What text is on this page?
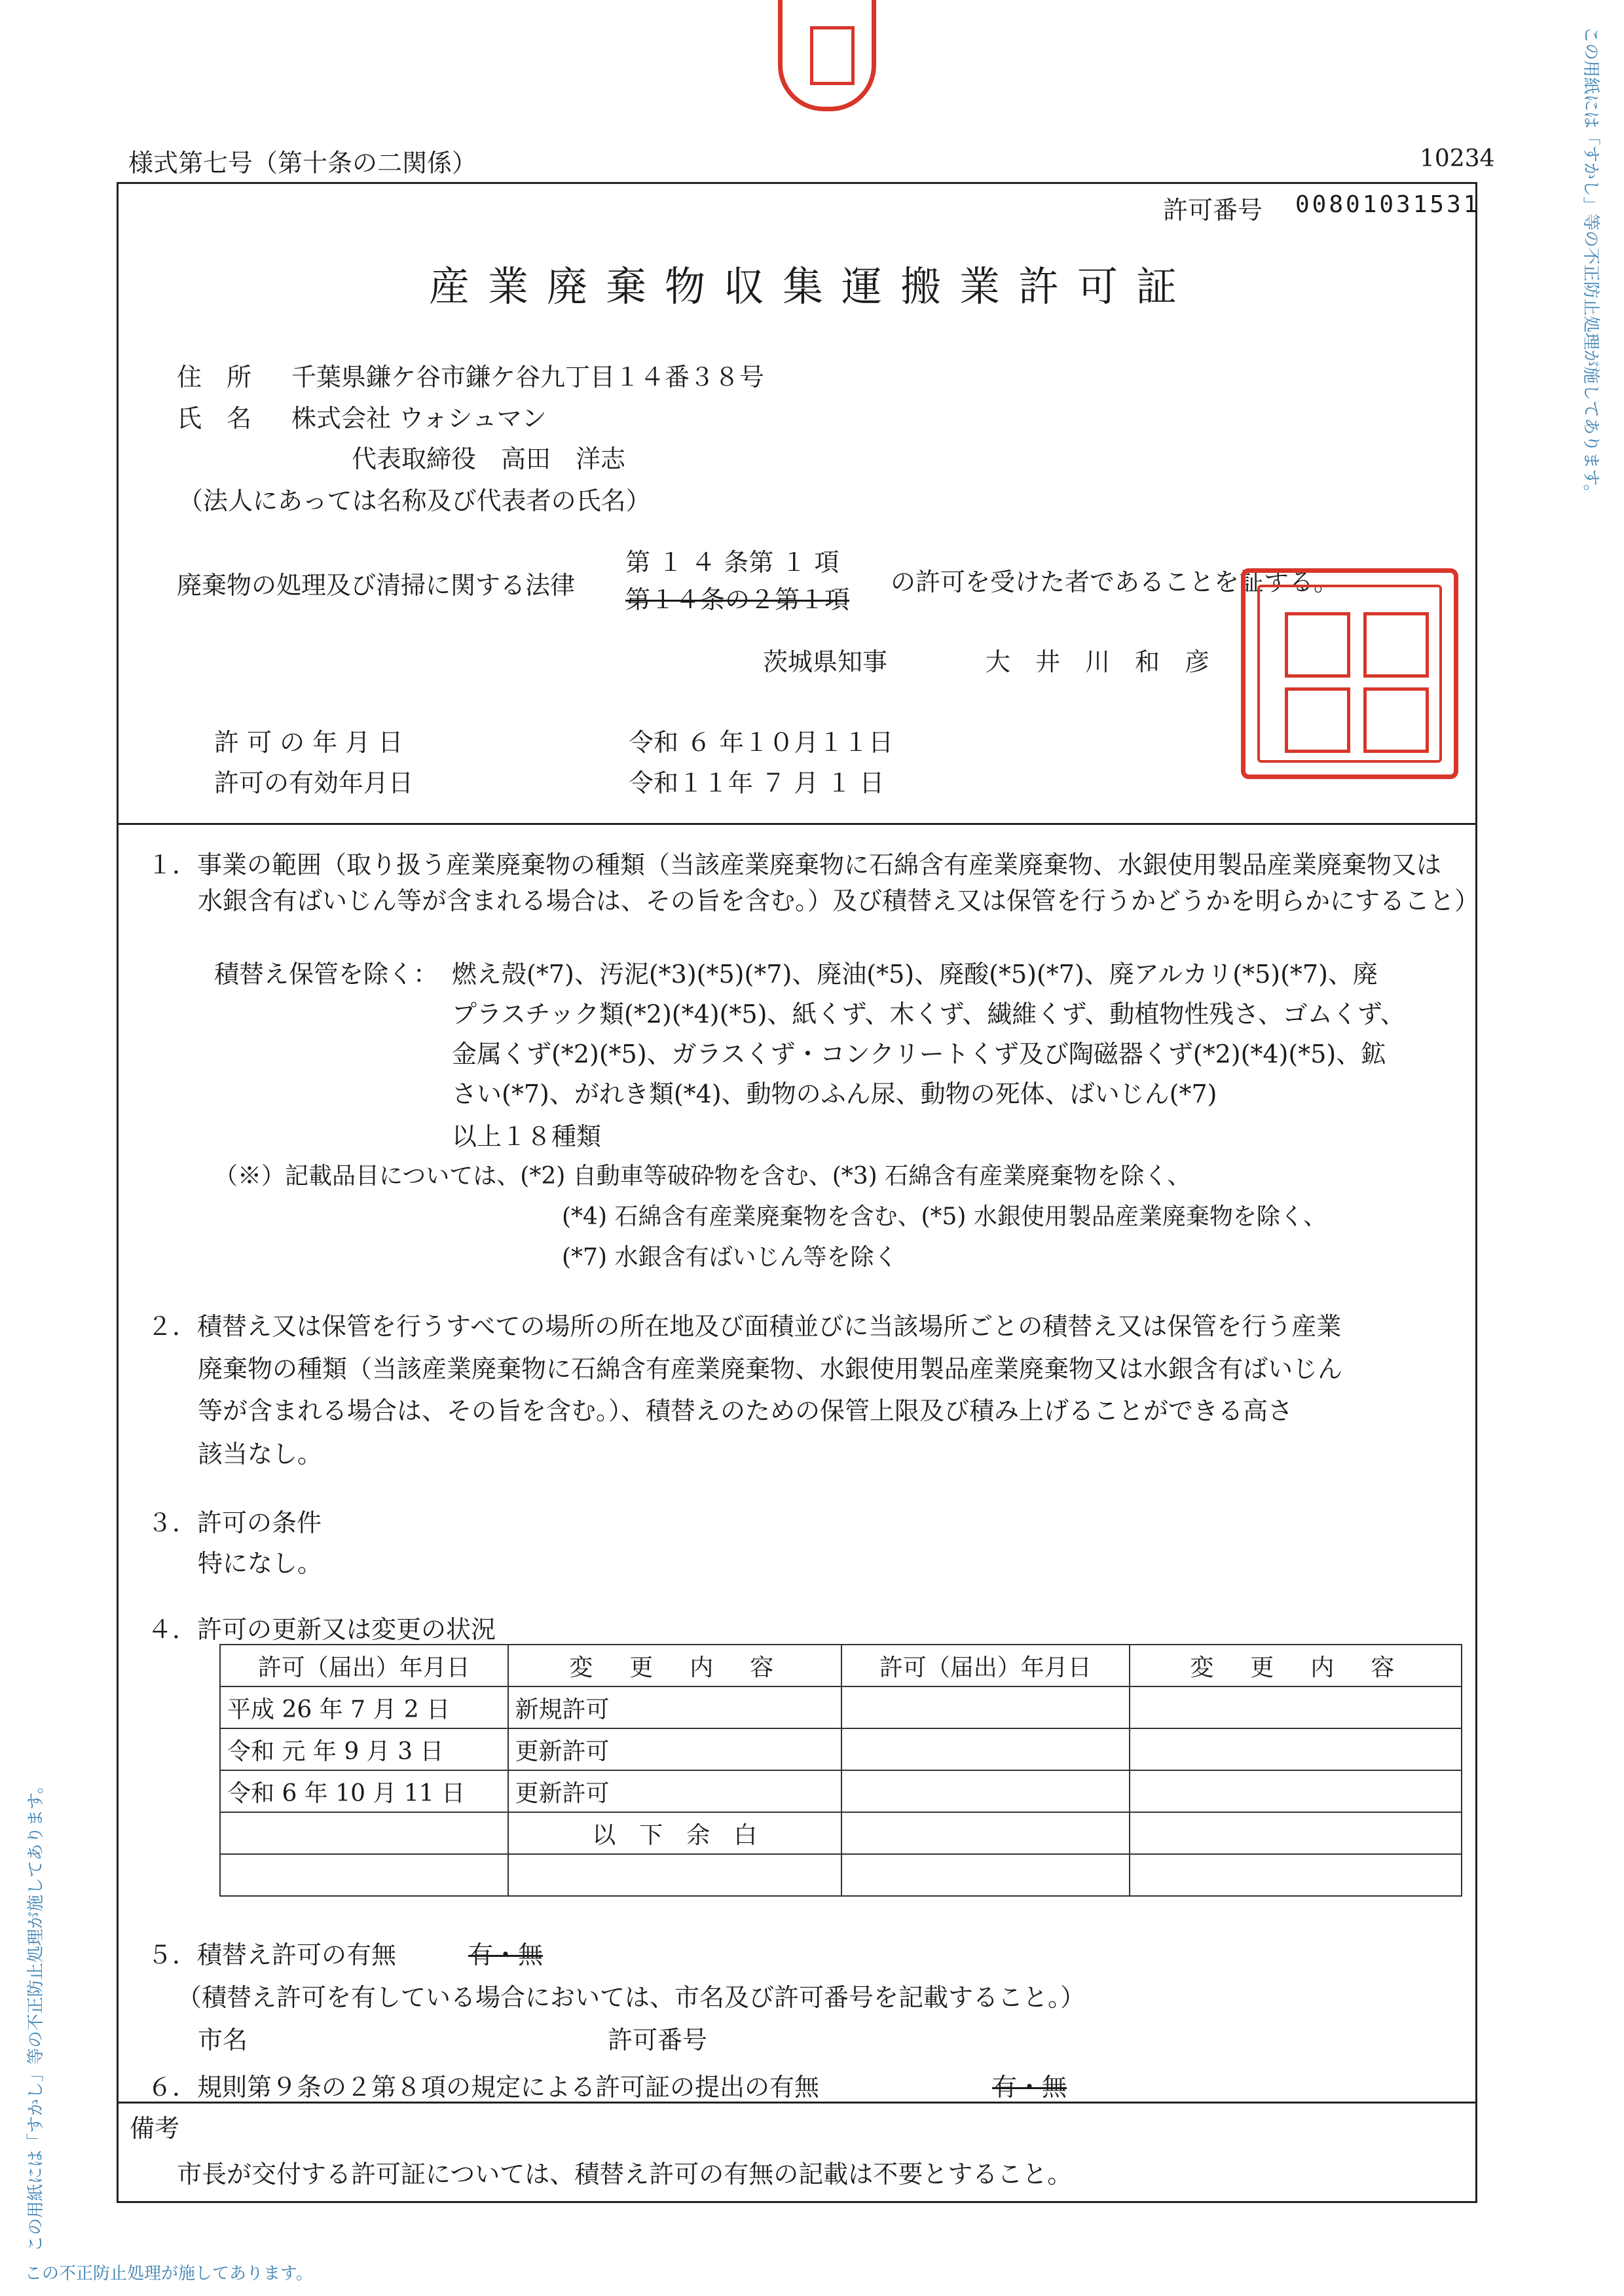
この用紙には「すかし」等の不正防止処理が施してあります。
この用紙には「すかし」等の不正防止処理が施してあります。
この不正防止処理が施してあります。
様式第七号（第十条の二関係）	10234
許可番号 00801031531
産業廃棄物収集運搬業許可証
住　所 千葉県鎌ケ谷市鎌ケ谷九丁目１４番３８号
氏　名 株式会社 ウォシュマン
代表取締役　高田　洋志
（法人にあっては名称及び代表者の氏名）
廃棄物の処理及び清掃に関する法律
第 １ ４ 条第 １ 項
第１４条の２第１項
の許可を受けた者であることを証する。
茨城県知事	大　井　川　和　彦
許 可 の 年 月 日	令和 ６ 年１０月１１日
許可の有効年月日	令和１１年 ７ 月 １ 日
１．事業の範囲（取り扱う産業廃棄物の種類（当該産業廃棄物に石綿含有産業廃棄物、水銀使用製品産業廃棄物又は
水銀含有ばいじん等が含まれる場合は、その旨を含む。）及び積替え又は保管を行うかどうかを明らかにすること）
積替え保管を除く： 燃え殻(*7)、汚泥(*3)(*5)(*7)、廃油(*5)、廃酸(*5)(*7)、廃アルカリ(*5)(*7)、廃
プラスチック類(*2)(*4)(*5)、紙くず、木くず、繊維くず、動植物性残さ、ゴムくず、
金属くず(*2)(*5)、ガラスくず・コンクリートくず及び陶磁器くず(*2)(*4)(*5)、鉱
さい(*7)、がれき類(*4)、動物のふん尿、動物の死体、ばいじん(*7)
以上１８種類
（※）記載品目については、(*2) 自動車等破砕物を含む、(*3) 石綿含有産業廃棄物を除く、
(*4) 石綿含有産業廃棄物を含む、(*5) 水銀使用製品産業廃棄物を除く、
(*7) 水銀含有ばいじん等を除く
２．積替え又は保管を行うすべての場所の所在地及び面積並びに当該場所ごとの積替え又は保管を行う産業
廃棄物の種類（当該産業廃棄物に石綿含有産業廃棄物、水銀使用製品産業廃棄物又は水銀含有ばいじん
等が含まれる場合は、その旨を含む。）、積替えのための保管上限及び積み上げることができる高さ
該当なし。
３．許可の条件
特になし。
４．許可の更新又は変更の状況
許可（届出）年月日	変　更　内　容	許可（届出）年月日	変　更　内　容
平成 26 年 7 月 2 日	新規許可		
令和 元 年 9 月 3 日	更新許可		
令和 6 年 10 月 11 日	更新許可		
	以　下　余　白		

５．積替え許可の有無	有・無
（積替え許可を有している場合においては、市名及び許可番号を記載すること。）
市名	許可番号
６．規則第９条の２第８項の規定による許可証の提出の有無	有・無
備考
市長が交付する許可証については、積替え許可の有無の記載は不要とすること。
